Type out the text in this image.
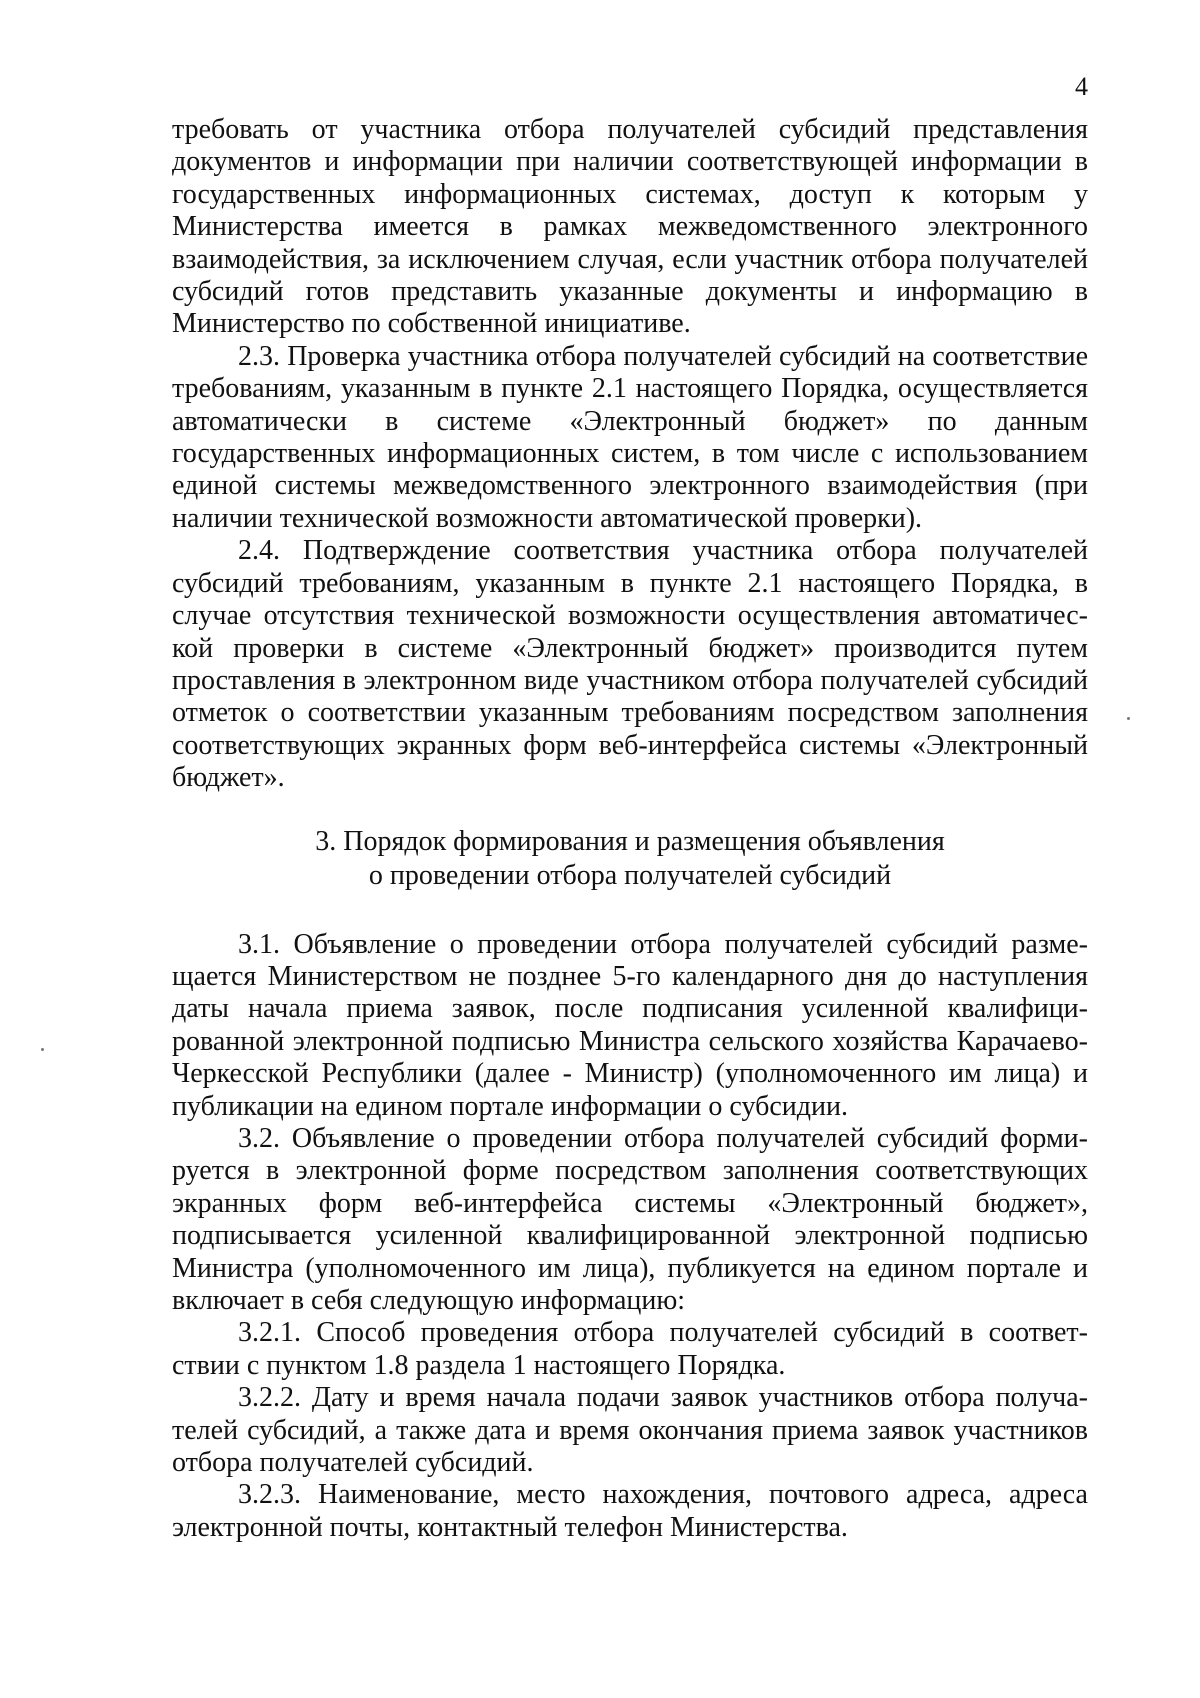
4

требовать от участника отбора получателей субсидий представления документов и информации при наличии соответствующей информации в государственных информационных системах, доступ к которым у Министерства имеется в рамках межведомственного электронного взаимодействия, за исключением случая, если участник отбора получателей субсидий готов представить указанные документы и информацию в Министерство по собственной инициативе.

2.3. Проверка участника отбора получателей субсидий на соответствие требованиям, указанным в пункте 2.1 настоящего Порядка, осуществляется автоматически в системе «Электронный бюджет» по данным государственных информационных систем, в том числе с использованием единой системы межведомственного электронного взаимодействия (при наличии технической возможности автоматической проверки).

2.4. Подтверждение соответствия участника отбора получателей субсидий требованиям, указанным в пункте 2.1 настоящего Порядка, в случае отсутствия технической возможности осуществления автоматической проверки в системе «Электронный бюджет» производится путем проставления в электронном виде участником отбора получателей субсидий отметок о соответствии указанным требованиям посредством заполнения соответствующих экранных форм веб-интерфейса системы «Электронный бюджет».

3. Порядок формирования и размещения объявления
о проведении отбора получателей субсидий

3.1. Объявление о проведении отбора получателей субсидий размещается Министерством не позднее 5-го календарного дня до наступления даты начала приема заявок, после подписания усиленной квалифицированной электронной подписью Министра сельского хозяйства Карачаево-Черкесской Республики (далее - Министр) (уполномоченного им лица) и публикации на едином портале информации о субсидии.

3.2. Объявление о проведении отбора получателей субсидий формируется в электронной форме посредством заполнения соответствующих экранных форм веб-интерфейса системы «Электронный бюджет», подписывается усиленной квалифицированной электронной подписью Министра (уполномоченного им лица), публикуется на едином портале и включает в себя следующую информацию:

3.2.1. Способ проведения отбора получателей субсидий в соответствии с пунктом 1.8 раздела 1 настоящего Порядка.

3.2.2. Дату и время начала подачи заявок участников отбора получателей субсидий, а также дата и время окончания приема заявок участников отбора получателей субсидий.

3.2.3. Наименование, место нахождения, почтового адреса, адреса электронной почты, контактный телефон Министерства.
